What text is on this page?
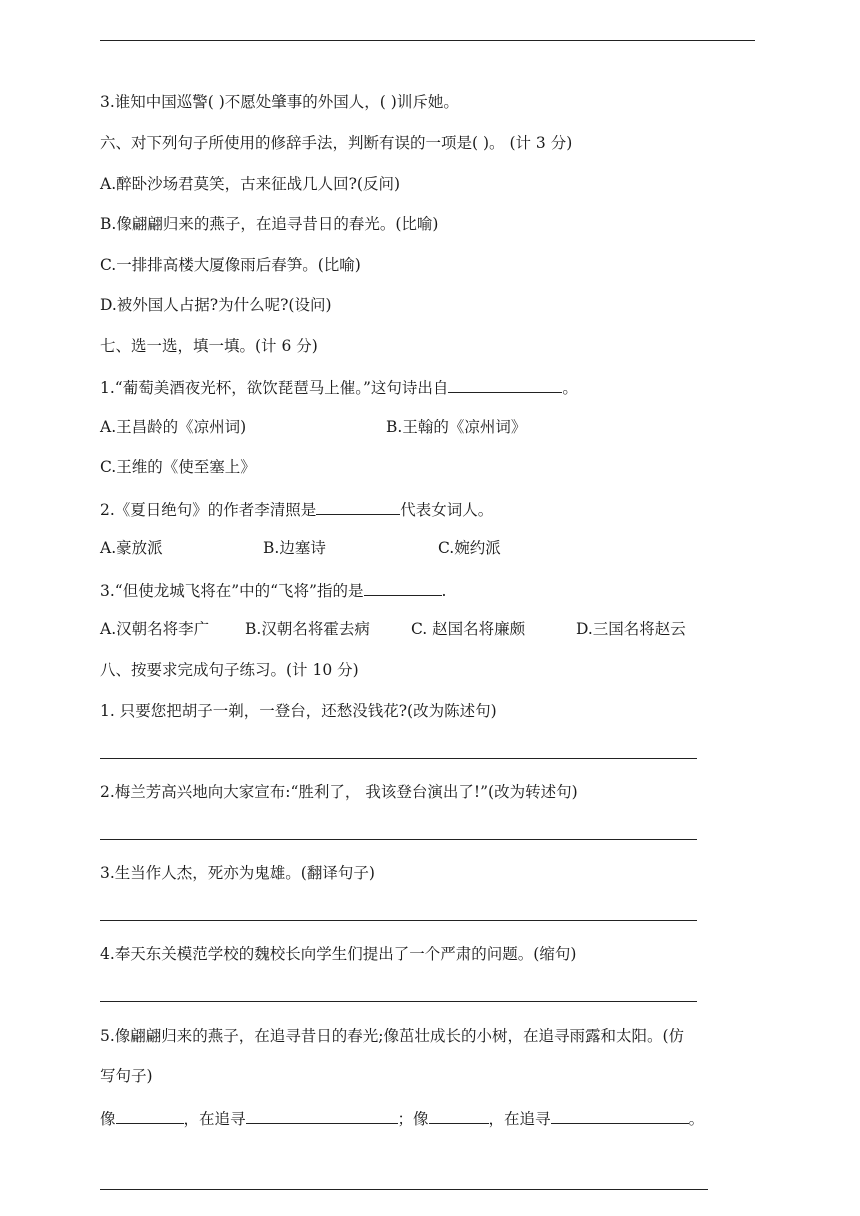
3.谁知中国巡警( )不愿处肇事的外国人，( )训斥她。
六、对下列句子所使用的修辞手法，判断有误的一项是( )。 (计 3 分)
A.醉卧沙场君莫笑，古来征战几人回?(反问)
B.像翩翩归来的燕子，在追寻昔日的春光。(比喻)
C.一排排高楼大厦像雨后春笋。(比喻)
D.被外国人占据?为什么呢?(设问)
七、选一选，填一填。(计 6 分)
1.“葡萄美酒夜光杯，欲饮琵琶马上催。”这句诗出自	。
A.王昌龄的《凉州词)	B.王翰的《凉州词》
C.王维的《使至塞上》
2.《夏日绝句》的作者李清照是	代表女词人。
A.豪放派	B.边塞诗	C.婉约派
3.“但使龙城飞将在”中的“飞将”指的是	.
A.汉朝名将李广 B.汉朝名将霍去病	C. 赵国名将廉颇	D.三国名将赵云
八、按要求完成句子练习。(计 10 分)
1. 只要您把胡子一剃，一登台，还愁没钱花?(改为陈述句)
2.梅兰芳高兴地向大家宣布:“胜利了， 我该登台演出了!”(改为转述句)
3.生当作人杰，死亦为鬼雄。(翻译句子)
4.奉天东关模范学校的魏校长向学生们提出了一个严肃的问题。(缩句)
5.像翩翩归来的燕子，在追寻昔日的春光;像茁壮成长的小树，在追寻雨露和太阳。(仿
写句子)
像	，在追寻	；像	，在追寻	。
